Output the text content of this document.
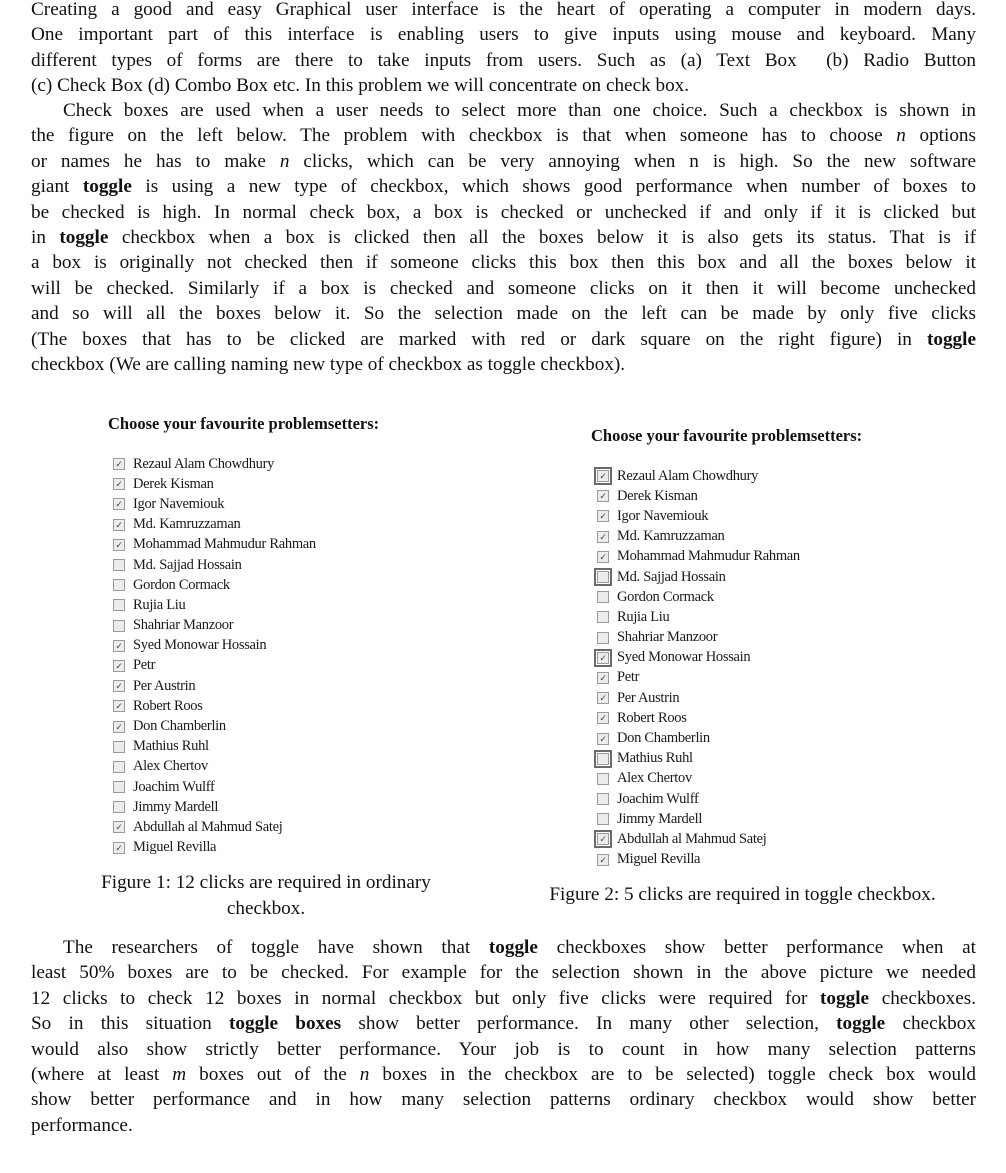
Creating a good and easy Graphical user interface is the heart of operating a computer in modern days.
One important part of this interface is enabling users to give inputs using mouse and keyboard. Many
different types of forms are there to take inputs from users. Such as (a) Text Box  (b) Radio Button
(c) Check Box (d) Combo Box etc. In this problem we will concentrate on check box.
Check boxes are used when a user needs to select more than one choice. Such a checkbox is shown in
the figure on the left below. The problem with checkbox is that when someone has to choose n options
or names he has to make n clicks, which can be very annoying when n is high. So the new software
giant toggle is using a new type of checkbox, which shows good performance when number of boxes to
be checked is high. In normal check box, a box is checked or unchecked if and only if it is clicked but
in toggle checkbox when a box is clicked then all the boxes below it is also gets its status. That is if
a box is originally not checked then if someone clicks this box then this box and all the boxes below it
will be checked. Similarly if a box is checked and someone clicks on it then it will become unchecked
and so will all the boxes below it. So the selection made on the left can be made by only five clicks
(The boxes that has to be clicked are marked with red or dark square on the right figure) in toggle
checkbox (We are calling naming new type of checkbox as toggle checkbox).
Choose your favourite problemsetters:
✓ Rezaul Alam Chowdhury
✓ Derek Kisman
✓ Igor Navemiouk
✓ Md. Kamruzzaman
✓ Mohammad Mahmudur Rahman
Md. Sajjad Hossain
Gordon Cormack
Rujia Liu
Shahriar Manzoor
✓ Syed Monowar Hossain
✓ Petr
✓ Per Austrin
✓ Robert Roos
✓ Don Chamberlin
Mathius Ruhl
Alex Chertov
Joachim Wulff
Jimmy Mardell
✓ Abdullah al Mahmud Satej
✓ Miguel Revilla
Figure 1: 12 clicks are required in ordinary
checkbox.
Choose your favourite problemsetters:
✓ Rezaul Alam Chowdhury
✓ Derek Kisman
✓ Igor Navemiouk
✓ Md. Kamruzzaman
✓ Mohammad Mahmudur Rahman
Md. Sajjad Hossain
Gordon Cormack
Rujia Liu
Shahriar Manzoor
✓ Syed Monowar Hossain
✓ Petr
✓ Per Austrin
✓ Robert Roos
✓ Don Chamberlin
Mathius Ruhl
Alex Chertov
Joachim Wulff
Jimmy Mardell
✓ Abdullah al Mahmud Satej
✓ Miguel Revilla
Figure 2: 5 clicks are required in toggle checkbox.
The researchers of toggle have shown that toggle checkboxes show better performance when at
least 50% boxes are to be checked. For example for the selection shown in the above picture we needed
12 clicks to check 12 boxes in normal checkbox but only five clicks were required for toggle checkboxes.
So in this situation toggle boxes show better performance. In many other selection, toggle checkbox
would also show strictly better performance. Your job is to count in how many selection patterns
(where at least m boxes out of the n boxes in the checkbox are to be selected) toggle check box would
show better performance and in how many selection patterns ordinary checkbox would show better
performance.
